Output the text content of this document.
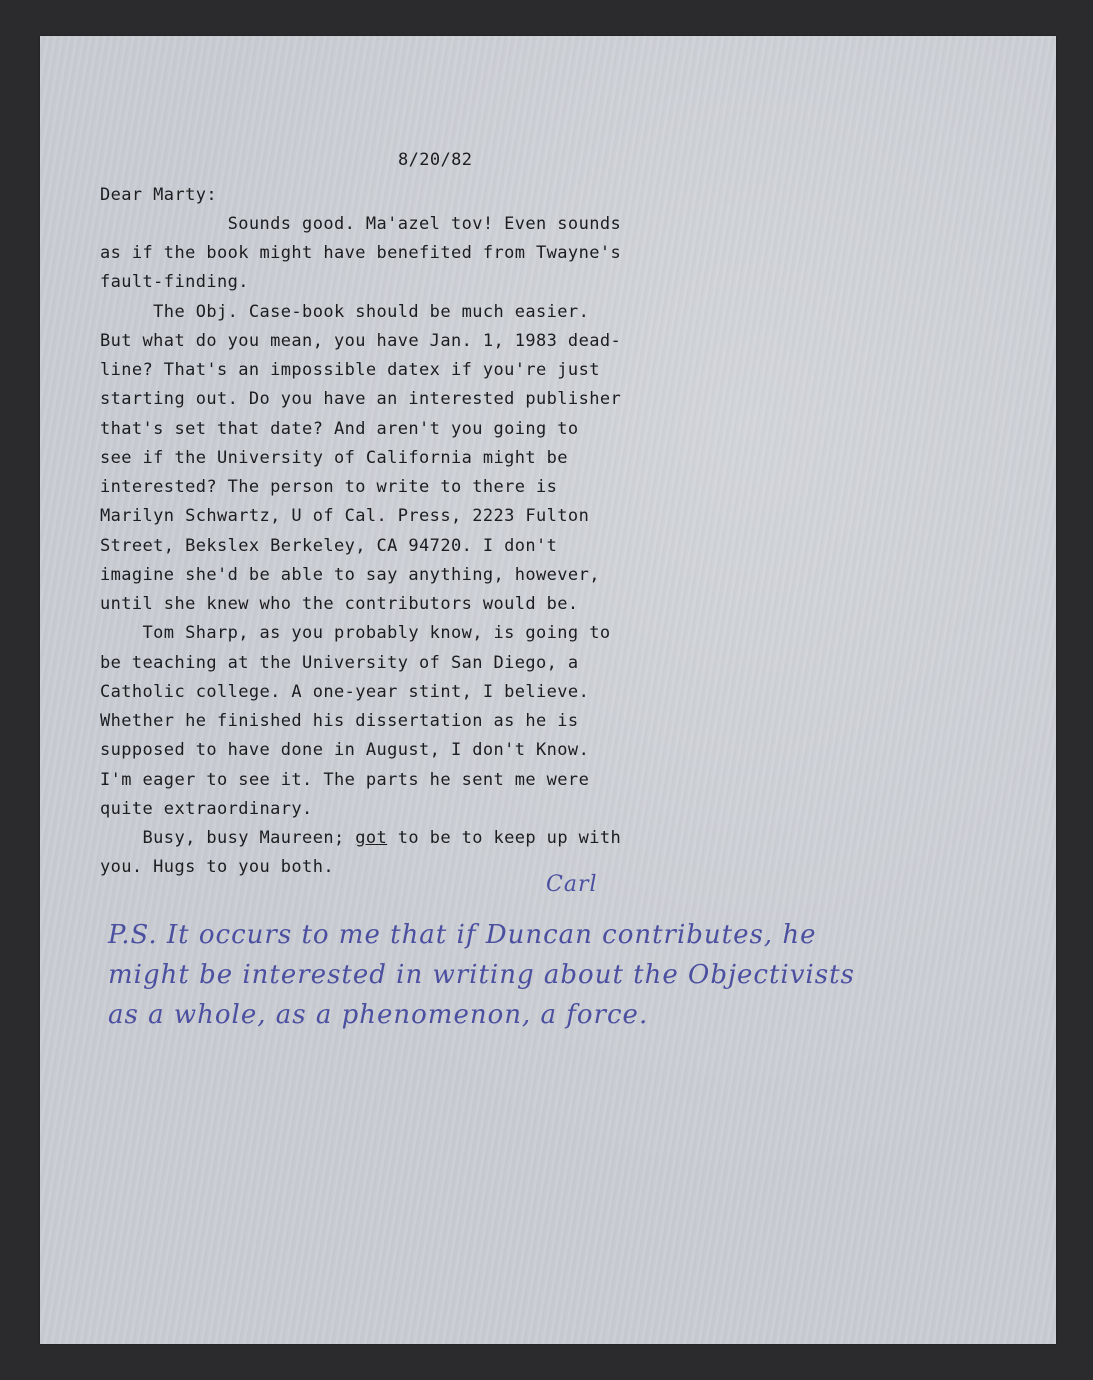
8/20/82
Dear Marty:
Sounds good. Ma'azel tov! Even sounds
as if the book might have benefited from Twayne's
fault-finding.
The Obj. Case-book should be much easier.
But what do you mean, you have Jan. 1, 1983 dead-
line? That's an impossible datex if you're just
starting out. Do you have an interested publisher
that's set that date? And aren't you going to
see if the University of California might be
interested? The person to write to there is
Marilyn Schwartz, U of Cal. Press, 2223 Fulton
Street, Bekslex Berkeley, CA 94720. I don't
imagine she'd be able to say anything, however,
until she knew who the contributors would be.
Tom Sharp, as you probably know, is going to
be teaching at the University of San Diego, a
Catholic college. A one-year stint, I believe.
Whether he finished his dissertation as he is
supposed to have done in August, I don't Know.
I'm eager to see it. The parts he sent me were
quite extraordinary.
Busy, busy Maureen; got to be to keep up with
you. Hugs to you both.
Carl
P.S. It occurs to me that if Duncan contributes, he
might be interested in writing about the Objectivists
as a whole, as a phenomenon, a force.
